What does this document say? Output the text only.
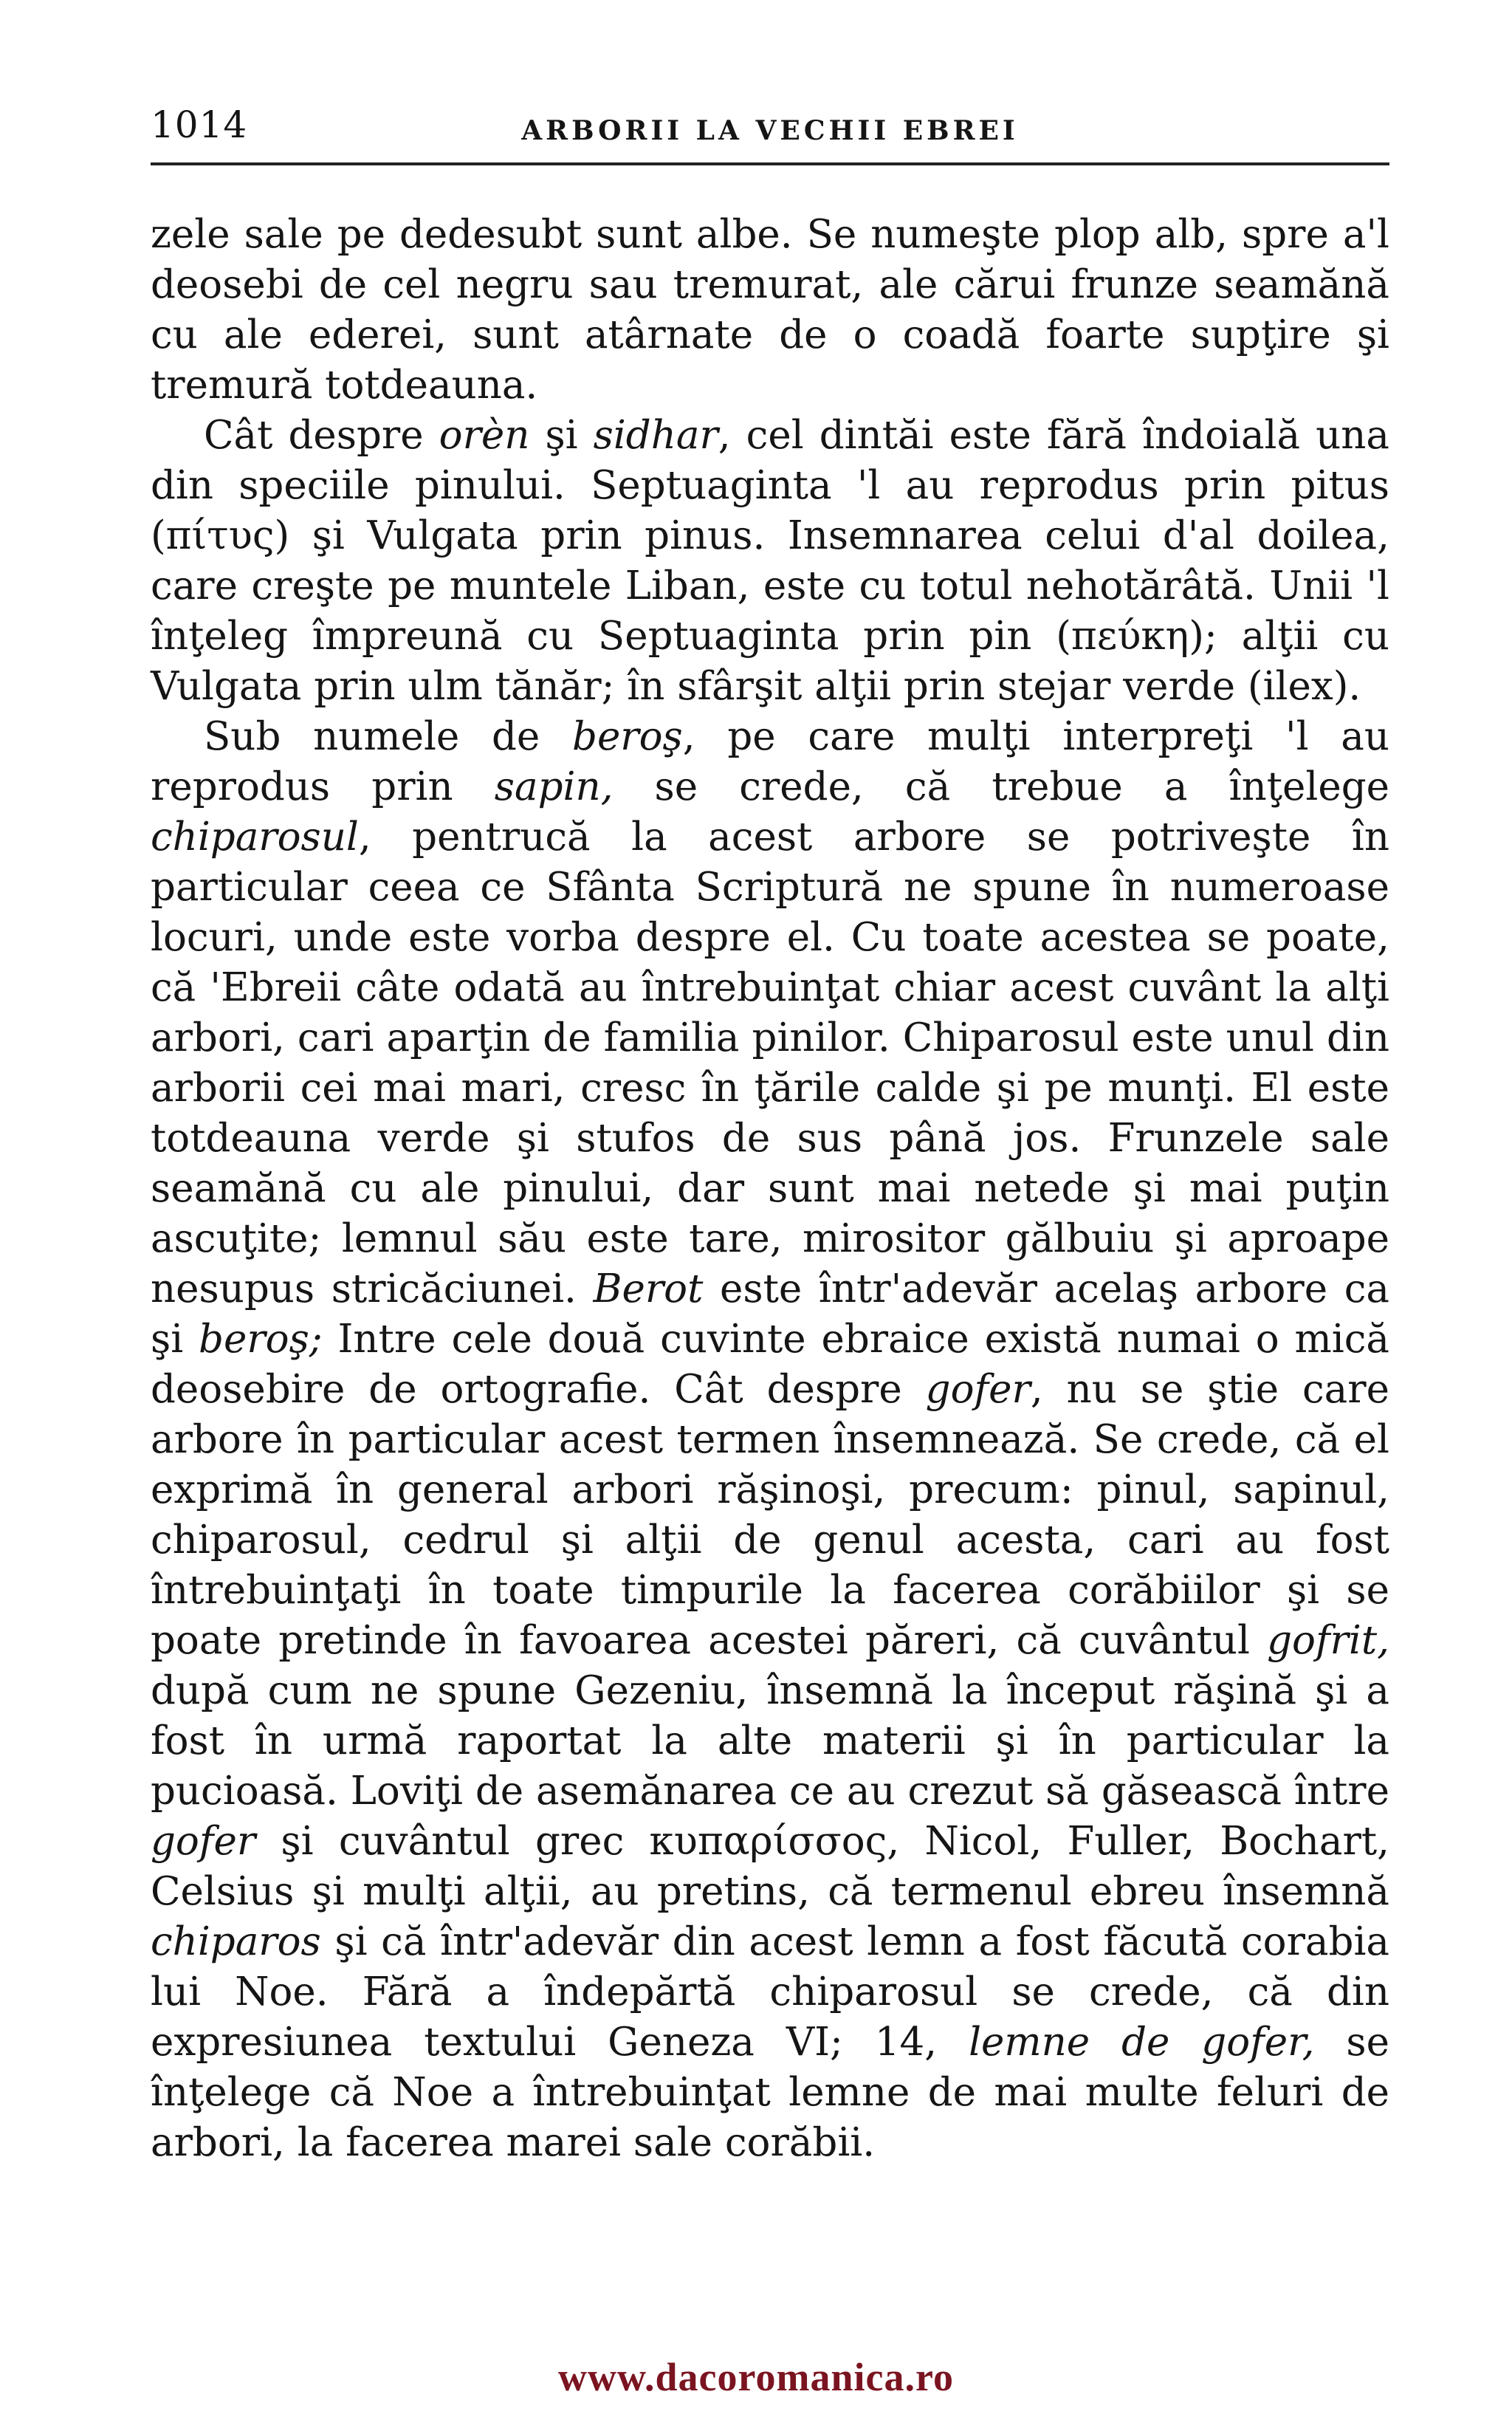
1014	ARBORII LA VECHII EBREI

zele sale pe dedesubt sunt albe. Se numeşte plop alb, spre a'l deosebi de cel negru sau tremurat, ale cărui frunze seamănă cu ale ederei, sunt atârnate de o coadă foarte supţire şi tremură totdeauna.

Cât despre orèn şi sidhar, cel dintăi este fără îndoială una din speciile pinului. Septuaginta 'l au reprodus prin pitus (πίτυς) şi Vulgata prin pinus. Insemnarea celui d'al doilea, care creşte pe muntele Liban, este cu totul nehotărâtă. Unii 'l înţeleg împreună cu Septuaginta prin pin (πεύκη); alţii cu Vulgata prin ulm tănăr; în sfârşit alţii prin stejar verde (ilex).

Sub numele de beroş, pe care mulţi interpreţi 'l au reprodus prin sapin, se crede, că trebue a înţelege chiparosul, pentrucă la acest arbore se potriveşte în particular ceea ce Sfânta Scriptură ne spune în numeroase locuri, unde este vorba despre el. Cu toate acestea se poate, că 'Ebreii câte odată au întrebuinţat chiar acest cuvânt la alţi arbori, cari aparţin de familia pinilor. Chiparosul este unul din arborii cei mai mari, cresc în ţările calde şi pe munţi. El este totdeauna verde şi stufos de sus până jos. Frunzele sale seamănă cu ale pinului, dar sunt mai netede şi mai puţin ascuţite; lemnul său este tare, mirositor gălbuiu şi aproape nesupus stricăciunei. Berot este într'adevăr acelaş arbore ca şi beroş; Intre cele două cuvinte ebraice există numai o mică deosebire de ortografie. Cât despre gofer, nu se ştie care arbore în particular acest termen însemnează. Se crede, că el exprimă în general arbori răşinoşi, precum: pinul, sapinul, chiparosul, cedrul şi alţii de genul acesta, cari au fost întrebuinţaţi în toate timpurile la facerea corăbiilor şi se poate pretinde în favoarea acestei păreri, că cuvântul gofrit, după cum ne spune Gezeniu, însemnă la început răşină şi a fost în urmă raportat la alte materii şi în particular la pucioasă. Loviţi de asemănarea ce au crezut să găsească între gofer şi cuvântul grec κυπαρίσσος, Nicol, Fuller, Bochart, Celsius şi mulţi alţii, au pretins, că termenul ebreu însemnă chiparos şi că într'adevăr din acest lemn a fost făcută corabia lui Noe. Fără a îndepărtă chiparosul se crede, că din expresiunea textului Geneza VI; 14, lemne de gofer, se înţelege că Noe a întrebuinţat lemne de mai multe feluri de arbori, la facerea marei sale corăbii.

www.dacoromanica.ro
